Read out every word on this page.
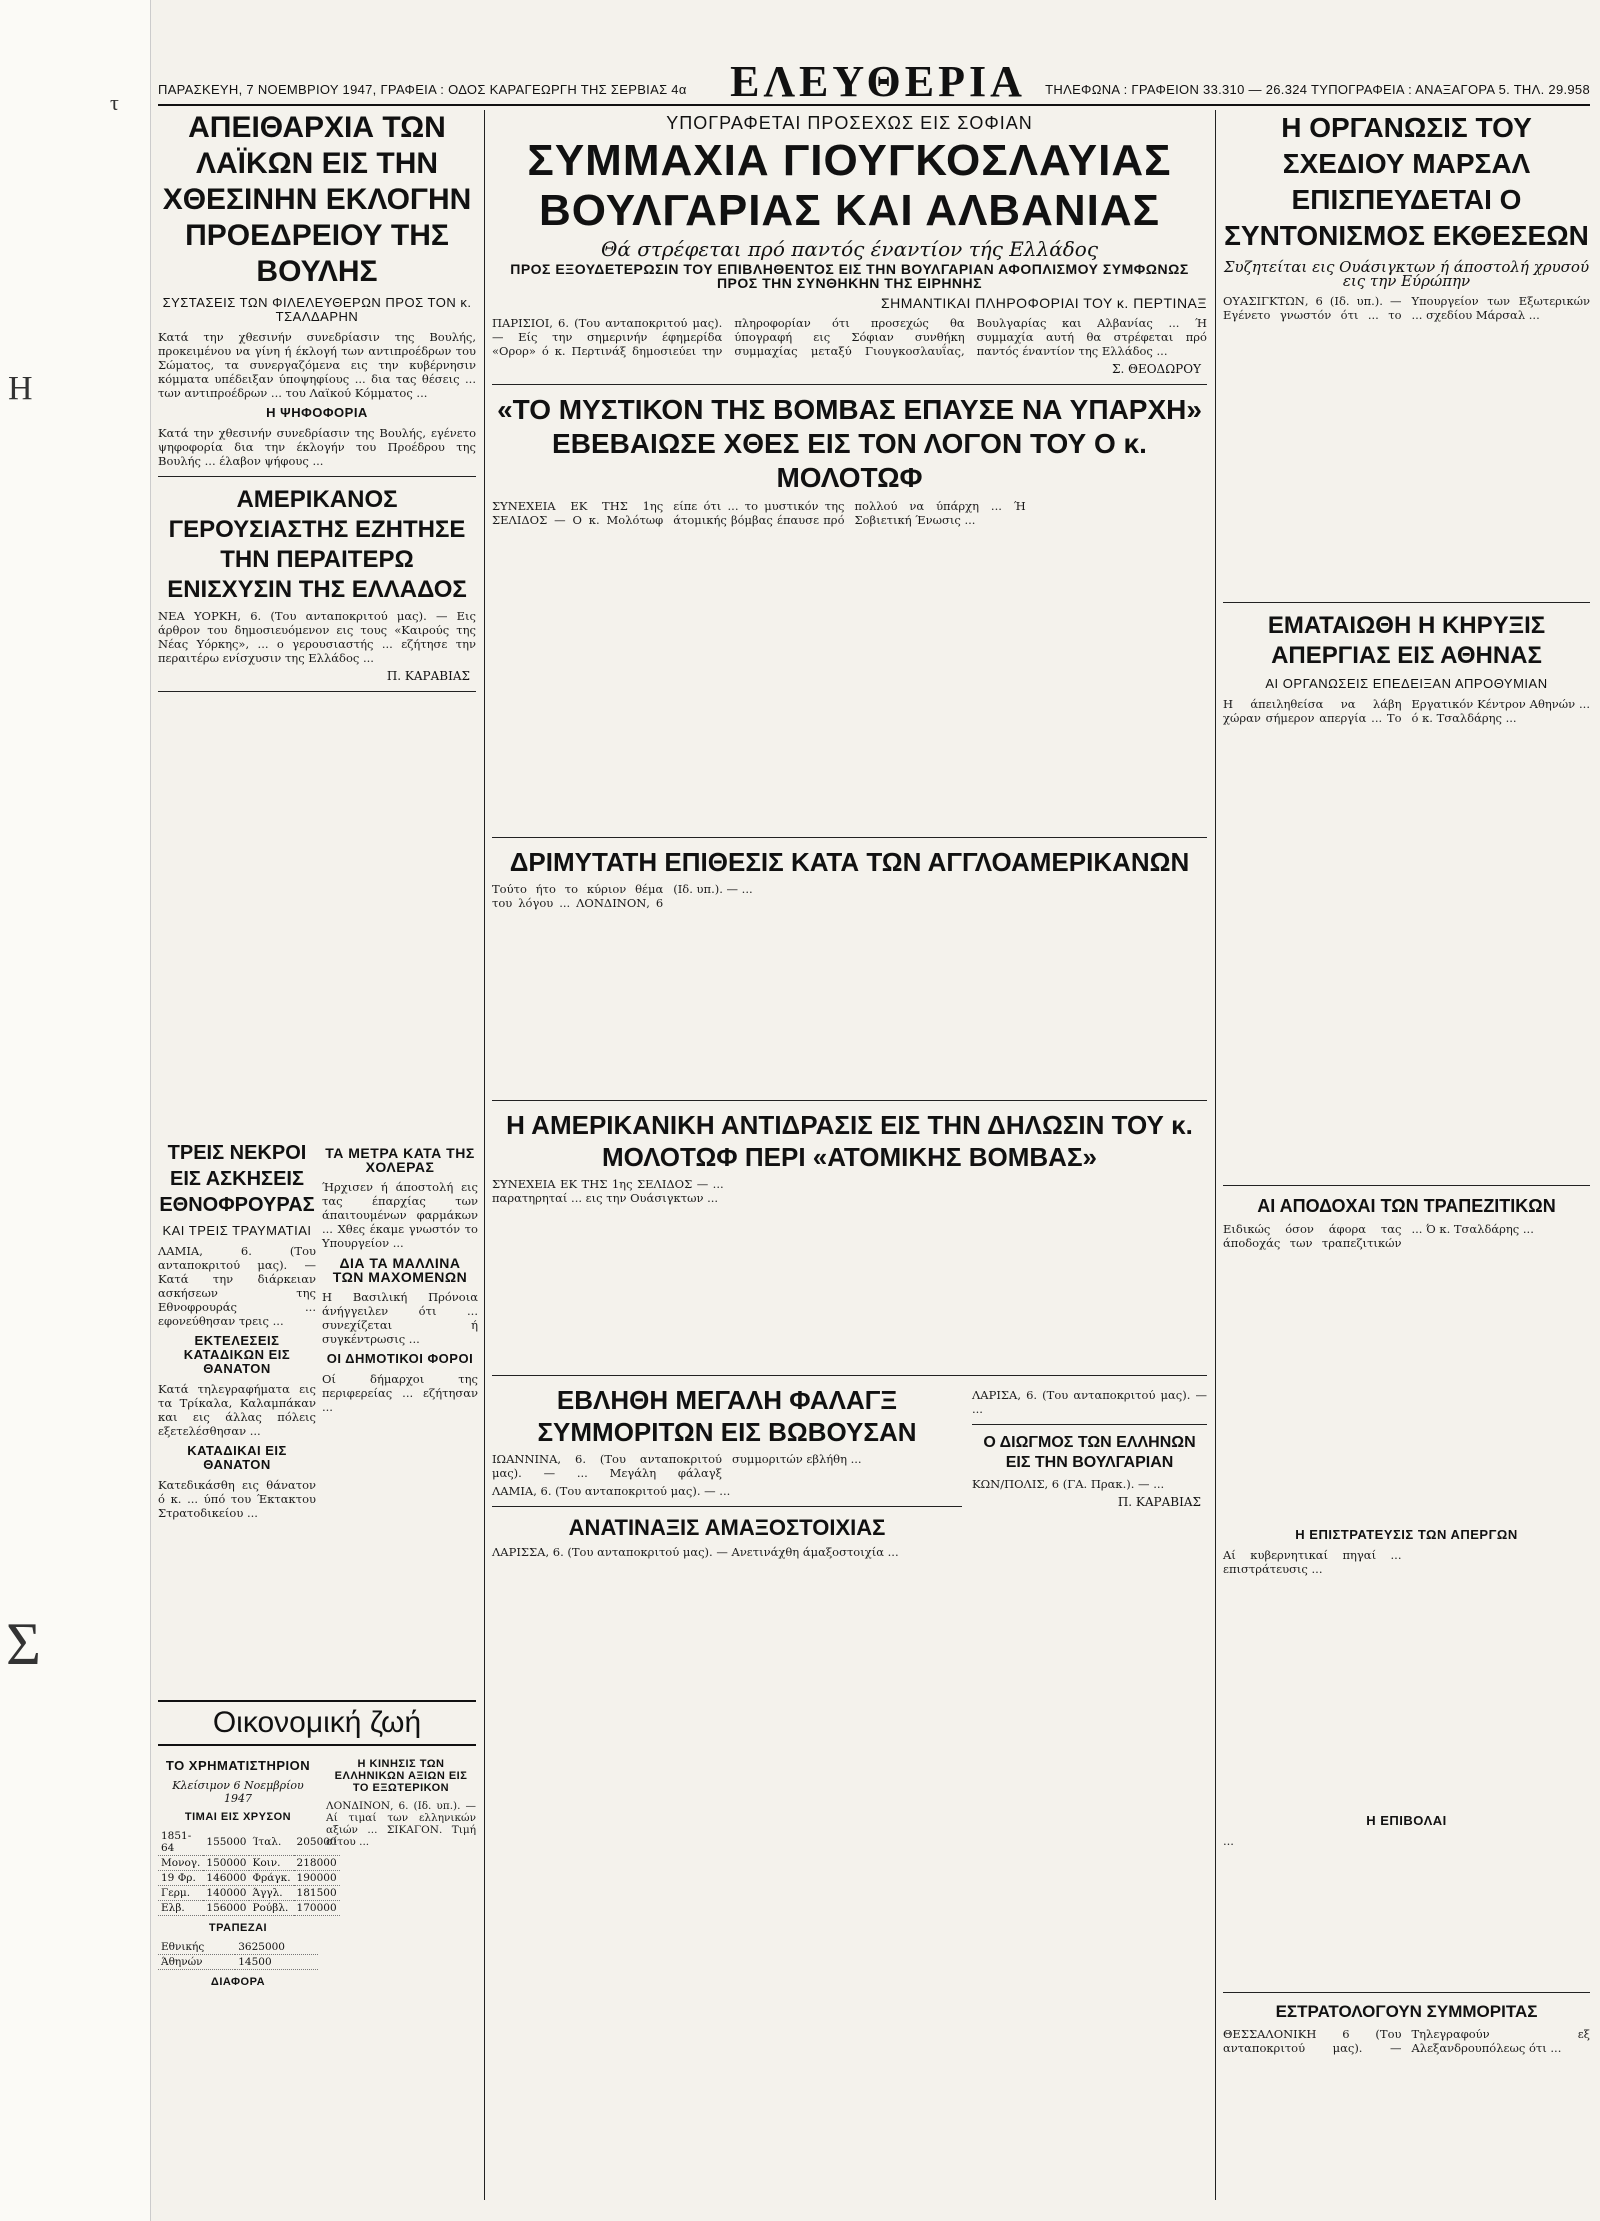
τ
Η
Σ
ΠΑΡΑΣΚΕΥΗ, 7 ΝΟΕΜΒΡΙΟΥ 1947, ΓΡΑΦΕΙΑ : ΟΔΟΣ ΚΑΡΑΓΕΩΡΓΗ ΤΗΣ ΣΕΡΒΙΑΣ 4α ΕΛΕΥΘΕΡΙΑ	ΤΗΛΕΦΩΝΑ : ΓΡΑΦΕΙΟΝ 33.310 — 26.324 ΤΥΠΟΓΡΑΦΕΙΑ : ΑΝΑΞΑΓΟΡΑ 5. ΤΗΛ. 29.958
ΑΠΕΙΘΑΡΧΙΑ ΤΩΝ ΛΑΪΚΩΝ ΕΙΣ ΤΗΝ ΧΘΕΣΙΝΗΝ ΕΚΛΟΓΗΝ ΠΡΟΕΔΡΕΙΟΥ ΤΗΣ ΒΟΥΛΗΣ
ΣΥΣΤΑΣΕΙΣ ΤΩΝ ΦΙΛΕΛΕΥΘΕΡΩΝ ΠΡΟΣ ΤΟΝ κ. ΤΣΑΛΔΑΡΗΝ

Κατά την χθεσινήν συνεδρίασιν της Βουλής, προκειμένου να γίνη ή έκλογή των αντιπροέδρων του Σώματος, τα συνεργαζόμενα εις την κυβέρνησιν κόμματα υπέδειξαν ύποψηφίους ... δια τας θέσεις ... των αντιπροέδρων ... του Λαϊκού Κόμματος ...

Η ΨΗΦΟΦΟΡΙΑ

Κατά την χθεσινήν συνεδρίασιν της Βουλής, εγένετο ψηφοφορία δια την έκλογήν του Προέδρου της Βουλής ... έλαβον ψήφους ...

ΑΜΕΡΙΚΑΝΟΣ ΓΕΡΟΥΣΙΑΣΤΗΣ ΕΖΗΤΗΣΕ ΤΗΝ ΠΕΡΑΙΤΕΡΩ ΕΝΙΣΧΥΣΙΝ ΤΗΣ ΕΛΛΑΔΟΣ

ΝΕΑ ΥΟΡΚΗ, 6. (Του ανταποκριτού μας). — Εις άρθρον του δημοσιευόμενον εις τους «Καιρούς της Νέας Υόρκης», ... ο γερουσιαστής ... εζήτησε την περαιτέρω ενίσχυσιν της Ελλάδος ...

Π. ΚΑΡΑΒΙΑΣ
ΤΡΕΙΣ ΝΕΚΡΟΙ ΕΙΣ ΑΣΚΗΣΕΙΣ ΕΘΝΟΦΡΟΥΡΑΣ
ΚΑΙ ΤΡΕΙΣ ΤΡΑΥΜΑΤΙΑΙ

ΛΑΜΙΑ, 6. (Του ανταποκριτού μας). — Κατά την διάρκειαν ασκήσεων της Εθνοφρουράς ... εφονεύθησαν τρεις ...

ΕΚΤΕΛΕΣΕΙΣ ΚΑΤΑΔΙΚΩΝ ΕΙΣ ΘΑΝΑΤΟΝ

Κατά τηλεγραφήματα εις τα Τρίκαλα, Καλαμπάκαν και εις άλλας πόλεις εξετελέσθησαν ...

ΚΑΤΑΔΙΚΑΙ ΕΙΣ ΘΑΝΑΤΟΝ

Κατεδικάσθη εις θάνατον ό κ. ... ύπό του Έκτακτου Στρατοδικείου ...

ΤΑ ΜΕΤΡΑ ΚΑΤΑ ΤΗΣ ΧΟΛΕΡΑΣ

Ήρχισεν ή άποστολή εις τας έπαρχίας των άπαιτουμένων φαρμάκων ... Χθες έκαμε γνωστόν το Υπουργείον ...

ΔΙΑ ΤΑ ΜΑΛΛΙΝΑ ΤΩΝ ΜΑΧΟΜΕΝΩΝ

Η Βασιλική Πρόνοια άνήγγειλεν ότι ... συνεχίζεται ή συγκέντρωσις ...

ΟΙ ΔΗΜΟΤΙΚΟΙ ΦΟΡΟΙ

Οί δήμαρχοι της περιφερείας ... εζήτησαν ...

Οικονομική ζωή
ΤΟ ΧΡΗΜΑΤΙΣΤΗΡΙΟΝ
Κλείσιμον 6 Νοεμβρίου 1947
ΤΙΜΑΙ ΕΙΣ ΧΡΥΣΟΝ
1851-64	155000	Ίταλ.	205000
Μονογ.	150000	Κοιν.	218000
19 Φρ.	146000	Φράγκ.	190000
Γερμ.	140000	Άγγλ.	181500
Ελβ.	156000	Ρούβλ.	170000
ΤΡΑΠΕΖΑΙ
Εθνικής	3625000
Άθηνών	14500
ΔΙΑΦΟΡΑ
Η ΚΙΝΗΣΙΣ ΤΩΝ ΕΛΛΗΝΙΚΩΝ ΑΞΙΩΝ ΕΙΣ ΤΟ ΕΞΩΤΕΡΙΚΟΝ

ΛΟΝΔΙΝΟΝ, 6. (Ιδ. υπ.). — Αί τιμαί των ελληνικών αξιών ... ΣΙΚΑΓΟΝ. Τιμή σίτου ...

ΥΠΟΓΡΑΦΕΤΑΙ ΠΡΟΣΕΧΩΣ ΕΙΣ ΣΟΦΙΑΝ
ΣΥΜΜΑΧΙΑ ΓΙΟΥΓΚΟΣΛΑΥΙΑΣ ΒΟΥΛΓΑΡΙΑΣ ΚΑΙ ΑΛΒΑΝΙΑΣ
Θά στρέφεται πρό παντός έναντίον τής Ελλάδος
ΠΡΟΣ ΕΞΟΥΔΕΤΕΡΩΣΙΝ ΤΟΥ ΕΠΙΒΛΗΘΕΝΤΟΣ ΕΙΣ ΤΗΝ ΒΟΥΛΓΑΡΙΑΝ ΑΦΟΠΛΙΣΜΟΥ ΣΥΜΦΩΝΩΣ ΠΡΟΣ ΤΗΝ ΣΥΝΘΗΚΗΝ ΤΗΣ ΕΙΡΗΝΗΣ
ΣΗΜΑΝΤΙΚΑΙ ΠΛΗΡΟΦΟΡΙΑΙ ΤΟΥ κ. ΠΕΡΤΙΝΑΞ

ΠΑΡΙΣΙΟΙ, 6. (Του ανταποκριτού μας). — Είς την σημερινήν έφημερίδα «Ορορ» ό κ. Περτινάξ δημοσιεύει την πληροφορίαν ότι προσεχώς θα ύπογραφή εις Σόφιαν συνθήκη συμμαχίας μεταξύ Γιουγκοσλαυΐας, Βουλγαρίας και Αλβανίας ... Ή συμμαχία αυτή θα στρέφεται πρό παντός έναντίον της Ελλάδος ...

Σ. ΘΕΟΔΩΡΟΥ
«ΤΟ ΜΥΣΤΙΚΟΝ ΤΗΣ ΒΟΜΒΑΣ ΕΠΑΥΣΕ ΝΑ ΥΠΑΡΧΗ» ΕΒΕΒΑΙΩΣΕ ΧΘΕΣ ΕΙΣ ΤΟΝ ΛΟΓΟΝ ΤΟΥ Ο κ. ΜΟΛΟΤΩΦ

ΣΥΝΕΧΕΙΑ ΕΚ ΤΗΣ 1ης ΣΕΛΙΔΟΣ — Ο κ. Μολότωφ είπε ότι ... το μυστικόν της άτομικής βόμβας έπαυσε πρό πολλού να ύπάρχη ... Ή Σοβιετική Ένωσις ...

ΔΡΙΜΥΤΑΤΗ ΕΠΙΘΕΣΙΣ ΚΑΤΑ ΤΩΝ ΑΓΓΛΟΑΜΕΡΙΚΑΝΩΝ

Τούτο ήτο το κύριον θέμα του λόγου ... ΛΟΝΔΙΝΟΝ, 6 (Ιδ. υπ.). — ...

Η ΑΜΕΡΙΚΑΝΙΚΗ ΑΝΤΙΔΡΑΣΙΣ ΕΙΣ ΤΗΝ ΔΗΛΩΣΙΝ ΤΟΥ κ. ΜΟΛΟΤΩΦ ΠΕΡΙ «ΑΤΟΜΙΚΗΣ ΒΟΜΒΑΣ»

ΣΥΝΕΧΕΙΑ ΕΚ ΤΗΣ 1ης ΣΕΛΙΔΟΣ — ... παρατηρηταί ... εις την Ουάσιγκτων ...

ΕΒΛΗΘΗ ΜΕΓΑΛΗ ΦΑΛΑΓΞ ΣΥΜΜΟΡΙΤΩΝ ΕΙΣ ΒΩΒΟΥΣΑΝ

ΙΩΑΝΝΙΝΑ, 6. (Του ανταποκριτού μας). — ... Μεγάλη φάλαγξ συμμοριτών εβλήθη ...

ΛΑΜΙΑ, 6. (Του ανταποκριτού μας). — ...

ΑΝΑΤΙΝΑΞΙΣ ΑΜΑΞΟΣΤΟΙΧΙΑΣ

ΛΑΡΙΣΣΑ, 6. (Του ανταποκριτού μας). — Ανετινάχθη άμαξοστοιχία ...

ΛΑΡΙΣΑ, 6. (Του ανταποκριτού μας). — ...

Ο ΔΙΩΓΜΟΣ ΤΩΝ ΕΛΛΗΝΩΝ ΕΙΣ ΤΗΝ ΒΟΥΛΓΑΡΙΑΝ

ΚΩΝ/ΠΟΛΙΣ, 6 (ΓΑ. Πρακ.). — ...

Π. ΚΑΡΑΒΙΑΣ
Η ΟΡΓΑΝΩΣΙΣ ΤΟΥ ΣΧΕΔΙΟΥ ΜΑΡΣΑΛ ΕΠΙΣΠΕΥΔΕΤΑΙ Ο ΣΥΝΤΟΝΙΣΜΟΣ ΕΚΘΕΣΕΩΝ
Συζητείται εις Ουάσιγκτων ή άποστολή χρυσού εις την Εύρώπην

ΟΥΑΣΙΓΚΤΩΝ, 6 (Ιδ. υπ.). — Εγένετο γνωστόν ότι ... το Υπουργείον των Εξωτερικών ... σχεδίου Μάρσαλ ...

ΕΜΑΤΑΙΩΘΗ Η ΚΗΡΥΞΙΣ ΑΠΕΡΓΙΑΣ ΕΙΣ ΑΘΗΝΑΣ
ΑΙ ΟΡΓΑΝΩΣΕΙΣ ΕΠΕΔΕΙΞΑΝ ΑΠΡΟΘΥΜΙΑΝ

Η άπειληθείσα να λάβη χώραν σήμερον απεργία ... Το Εργατικόν Κέντρον Αθηνών ... ό κ. Τσαλδάρης ...

ΑΙ ΑΠΟΔΟΧΑΙ ΤΩΝ ΤΡΑΠΕΖΙΤΙΚΩΝ

Ειδικώς όσον άφορα τας άποδοχάς των τραπεζιτικών ... Ό κ. Τσαλδάρης ...

Η ΕΠΙΣΤΡΑΤΕΥΣΙΣ ΤΩΝ ΑΠΕΡΓΩΝ

Αί κυβερνητικαί πηγαί ... επιστράτευσις ...

Η ΕΠΙΒΟΛΑΙ

...

ΕΣΤΡΑΤΟΛΟΓΟΥΝ ΣΥΜΜΟΡΙΤΑΣ

ΘΕΣΣΑΛΟΝΙΚΗ 6 (Του ανταποκριτού μας). — Τηλεγραφούν εξ Αλεξανδρουπόλεως ότι ...
